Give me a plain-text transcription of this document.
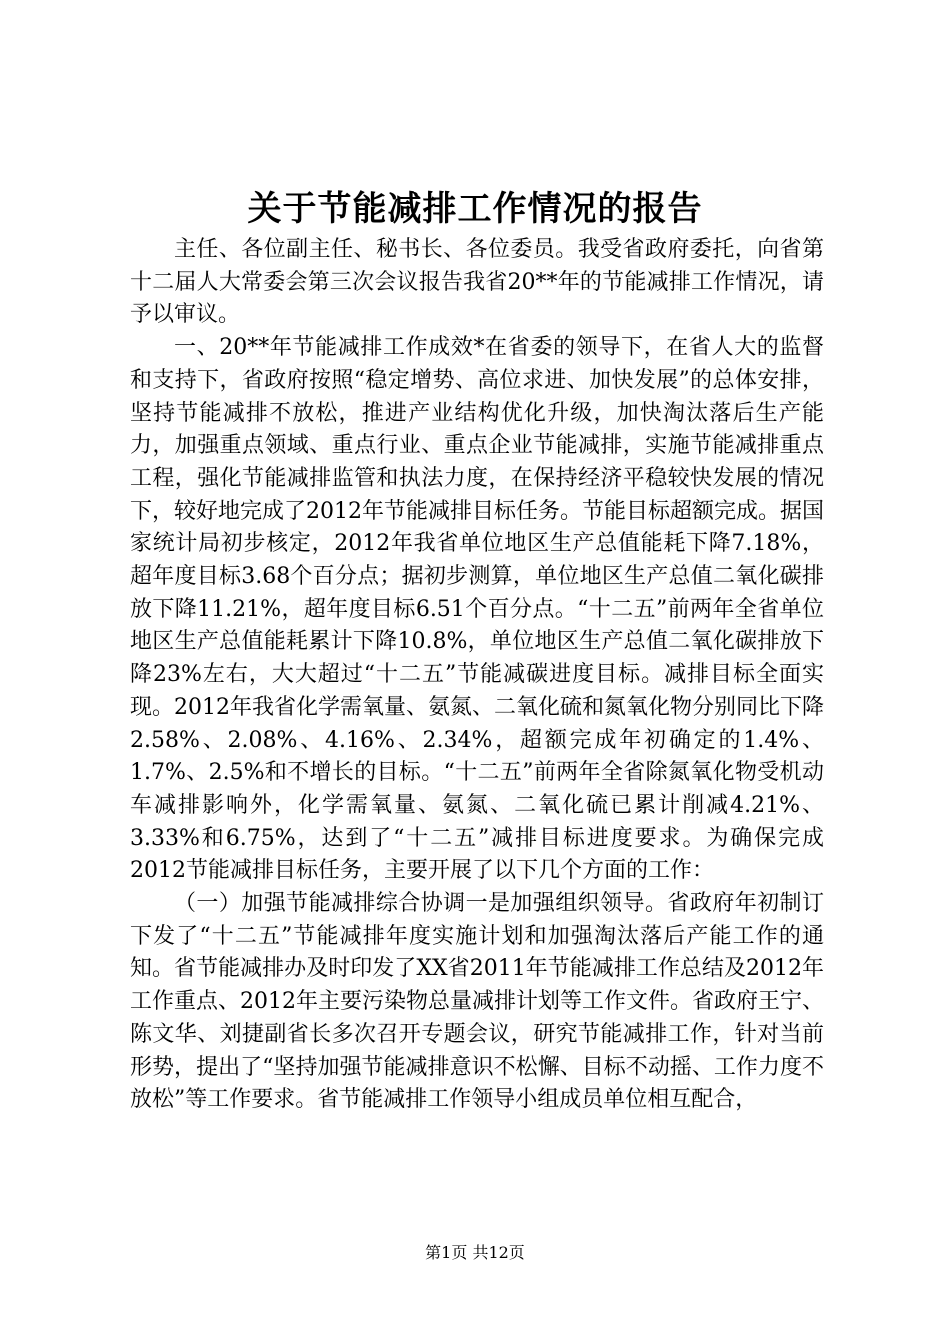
关于节能减排工作情况的报告

主任、各位副主任、秘书长、各位委员。我受省政府委托，向省第十二届人大常委会第三次会议报告我省20**年的节能减排工作情况，请予以审议。

一、20**年节能减排工作成效*在省委的领导下，在省人大的监督和支持下，省政府按照“稳定增势、高位求进、加快发展”的总体安排，坚持节能减排不放松，推进产业结构优化升级，加快淘汰落后生产能力，加强重点领域、重点行业、重点企业节能减排，实施节能减排重点工程，强化节能减排监管和执法力度，在保持经济平稳较快发展的情况下，较好地完成了2012年节能减排目标任务。节能目标超额完成。据国家统计局初步核定，2012年我省单位地区生产总值能耗下降7.18%，超年度目标3.68个百分点；据初步测算，单位地区生产总值二氧化碳排放下降11.21%，超年度目标6.51个百分点。“十二五”前两年全省单位地区生产总值能耗累计下降10.8%，单位地区生产总值二氧化碳排放下降23%左右，大大超过“十二五”节能减碳进度目标。减排目标全面实现。2012年我省化学需氧量、氨氮、二氧化硫和氮氧化物分别同比下降2.58%、2.08%、4.16%、2.34%，超额完成年初确定的1.4%、1.7%、2.5%和不增长的目标。“十二五”前两年全省除氮氧化物受机动车减排影响外，化学需氧量、氨氮、二氧化硫已累计削减4.21%、3.33%和6.75%，达到了“十二五”减排目标进度要求。为确保完成2012节能减排目标任务，主要开展了以下几个方面的工作：

（一）加强节能减排综合协调一是加强组织领导。省政府年初制订下发了“十二五”节能减排年度实施计划和加强淘汰落后产能工作的通知。省节能减排办及时印发了XX省2011年节能减排工作总结及2012年工作重点、2012年主要污染物总量减排计划等工作文件。省政府王宁、陈文华、刘捷副省长多次召开专题会议，研究节能减排工作，针对当前形势，提出了“坚持加强节能减排意识不松懈、目标不动摇、工作力度不放松”等工作要求。省节能减排工作领导小组成员单位相互配合，

第1页 共12页
